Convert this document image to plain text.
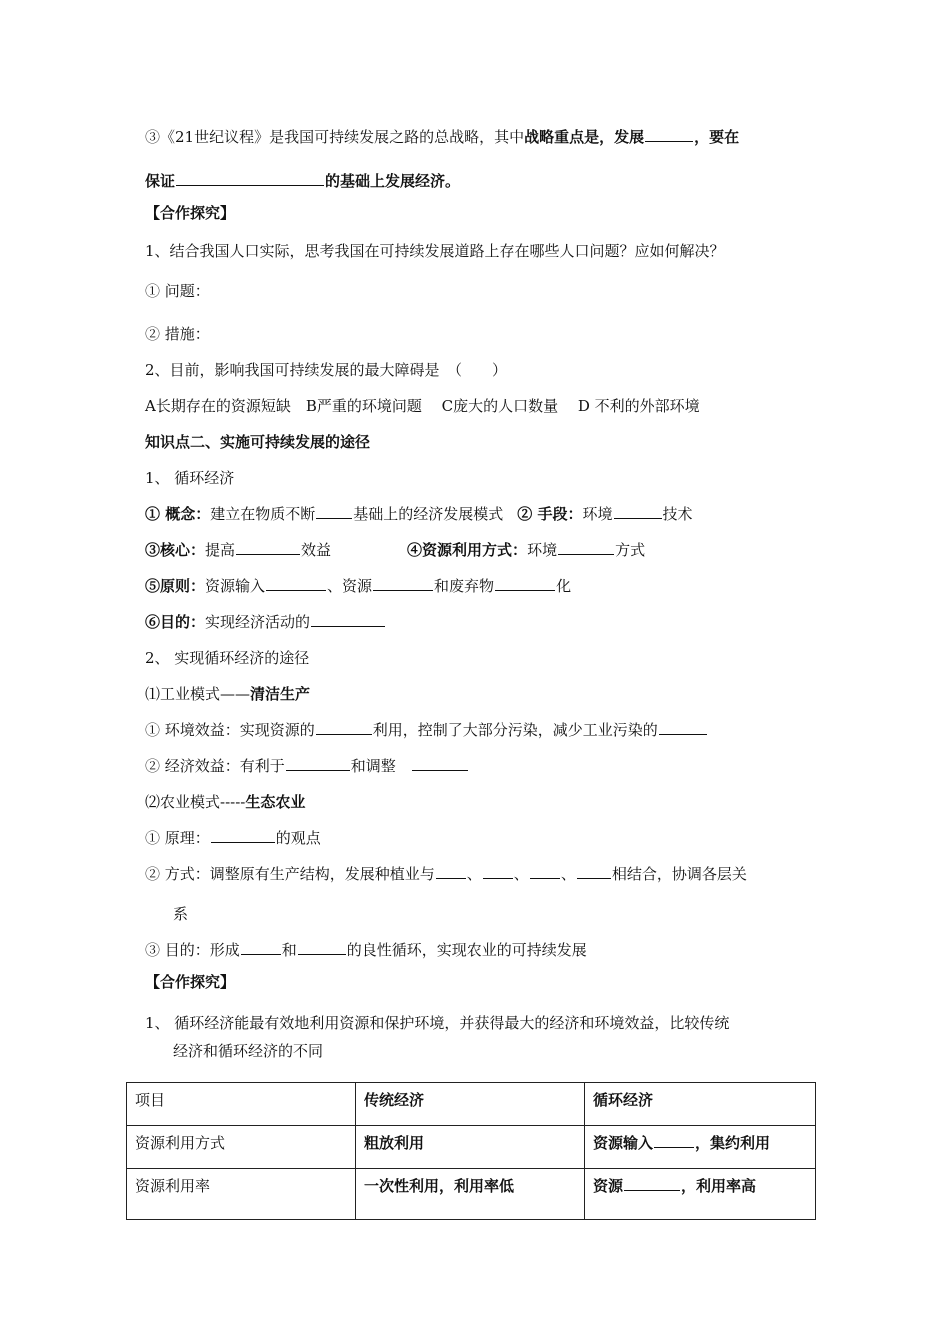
③《21世纪议程》是我国可持续发展之路的总战略，其中战略重点是，发展	，要在
保证	的基础上发展经济。
【合作探究】
1、结合我国人口实际，思考我国在可持续发展道路上存在哪些人口问题？应如何解决？
① 问题：
② 措施：
2、目前，影响我国可持续发展的最大障碍是　（　　）
A长期存在的资源短缺　B严重的环境问题　 C庞大的人口数量　 D 不利的外部环境
知识点二、实施可持续发展的途径
1、 循环经济
① 概念：建立在物质不断	基础上的经济发展模式 ② 手段：环境	技术
③核心：提高	效益	④资源利用方式：环境	方式
⑤原则：资源输入	、资源	和废弃物	化
⑥目的：实现经济活动的
2、 实现循环经济的途径
⑴工业模式——清洁生产
① 环境效益：实现资源的	利用，控制了大部分污染，减少工业污染的
② 经济效益：有利于	和调整　
⑵农业模式-----生态农业
① 原理：	的观点
② 方式：调整原有生产结构，发展种植业与 、 、 、 相结合，协调各层关
系
③ 目的：形成	和	的良性循环，实现农业的可持续发展
【合作探究】
1、 循环经济能最有效地利用资源和保护环境，并获得最大的经济和环境效益，比较传统
经济和循环经济的不同
项目	传统经济	循环经济
资源利用方式	粗放利用	资源输入 ，集约利用
资源利用率	一次性利用，利用率低	资源 ，利用率高
